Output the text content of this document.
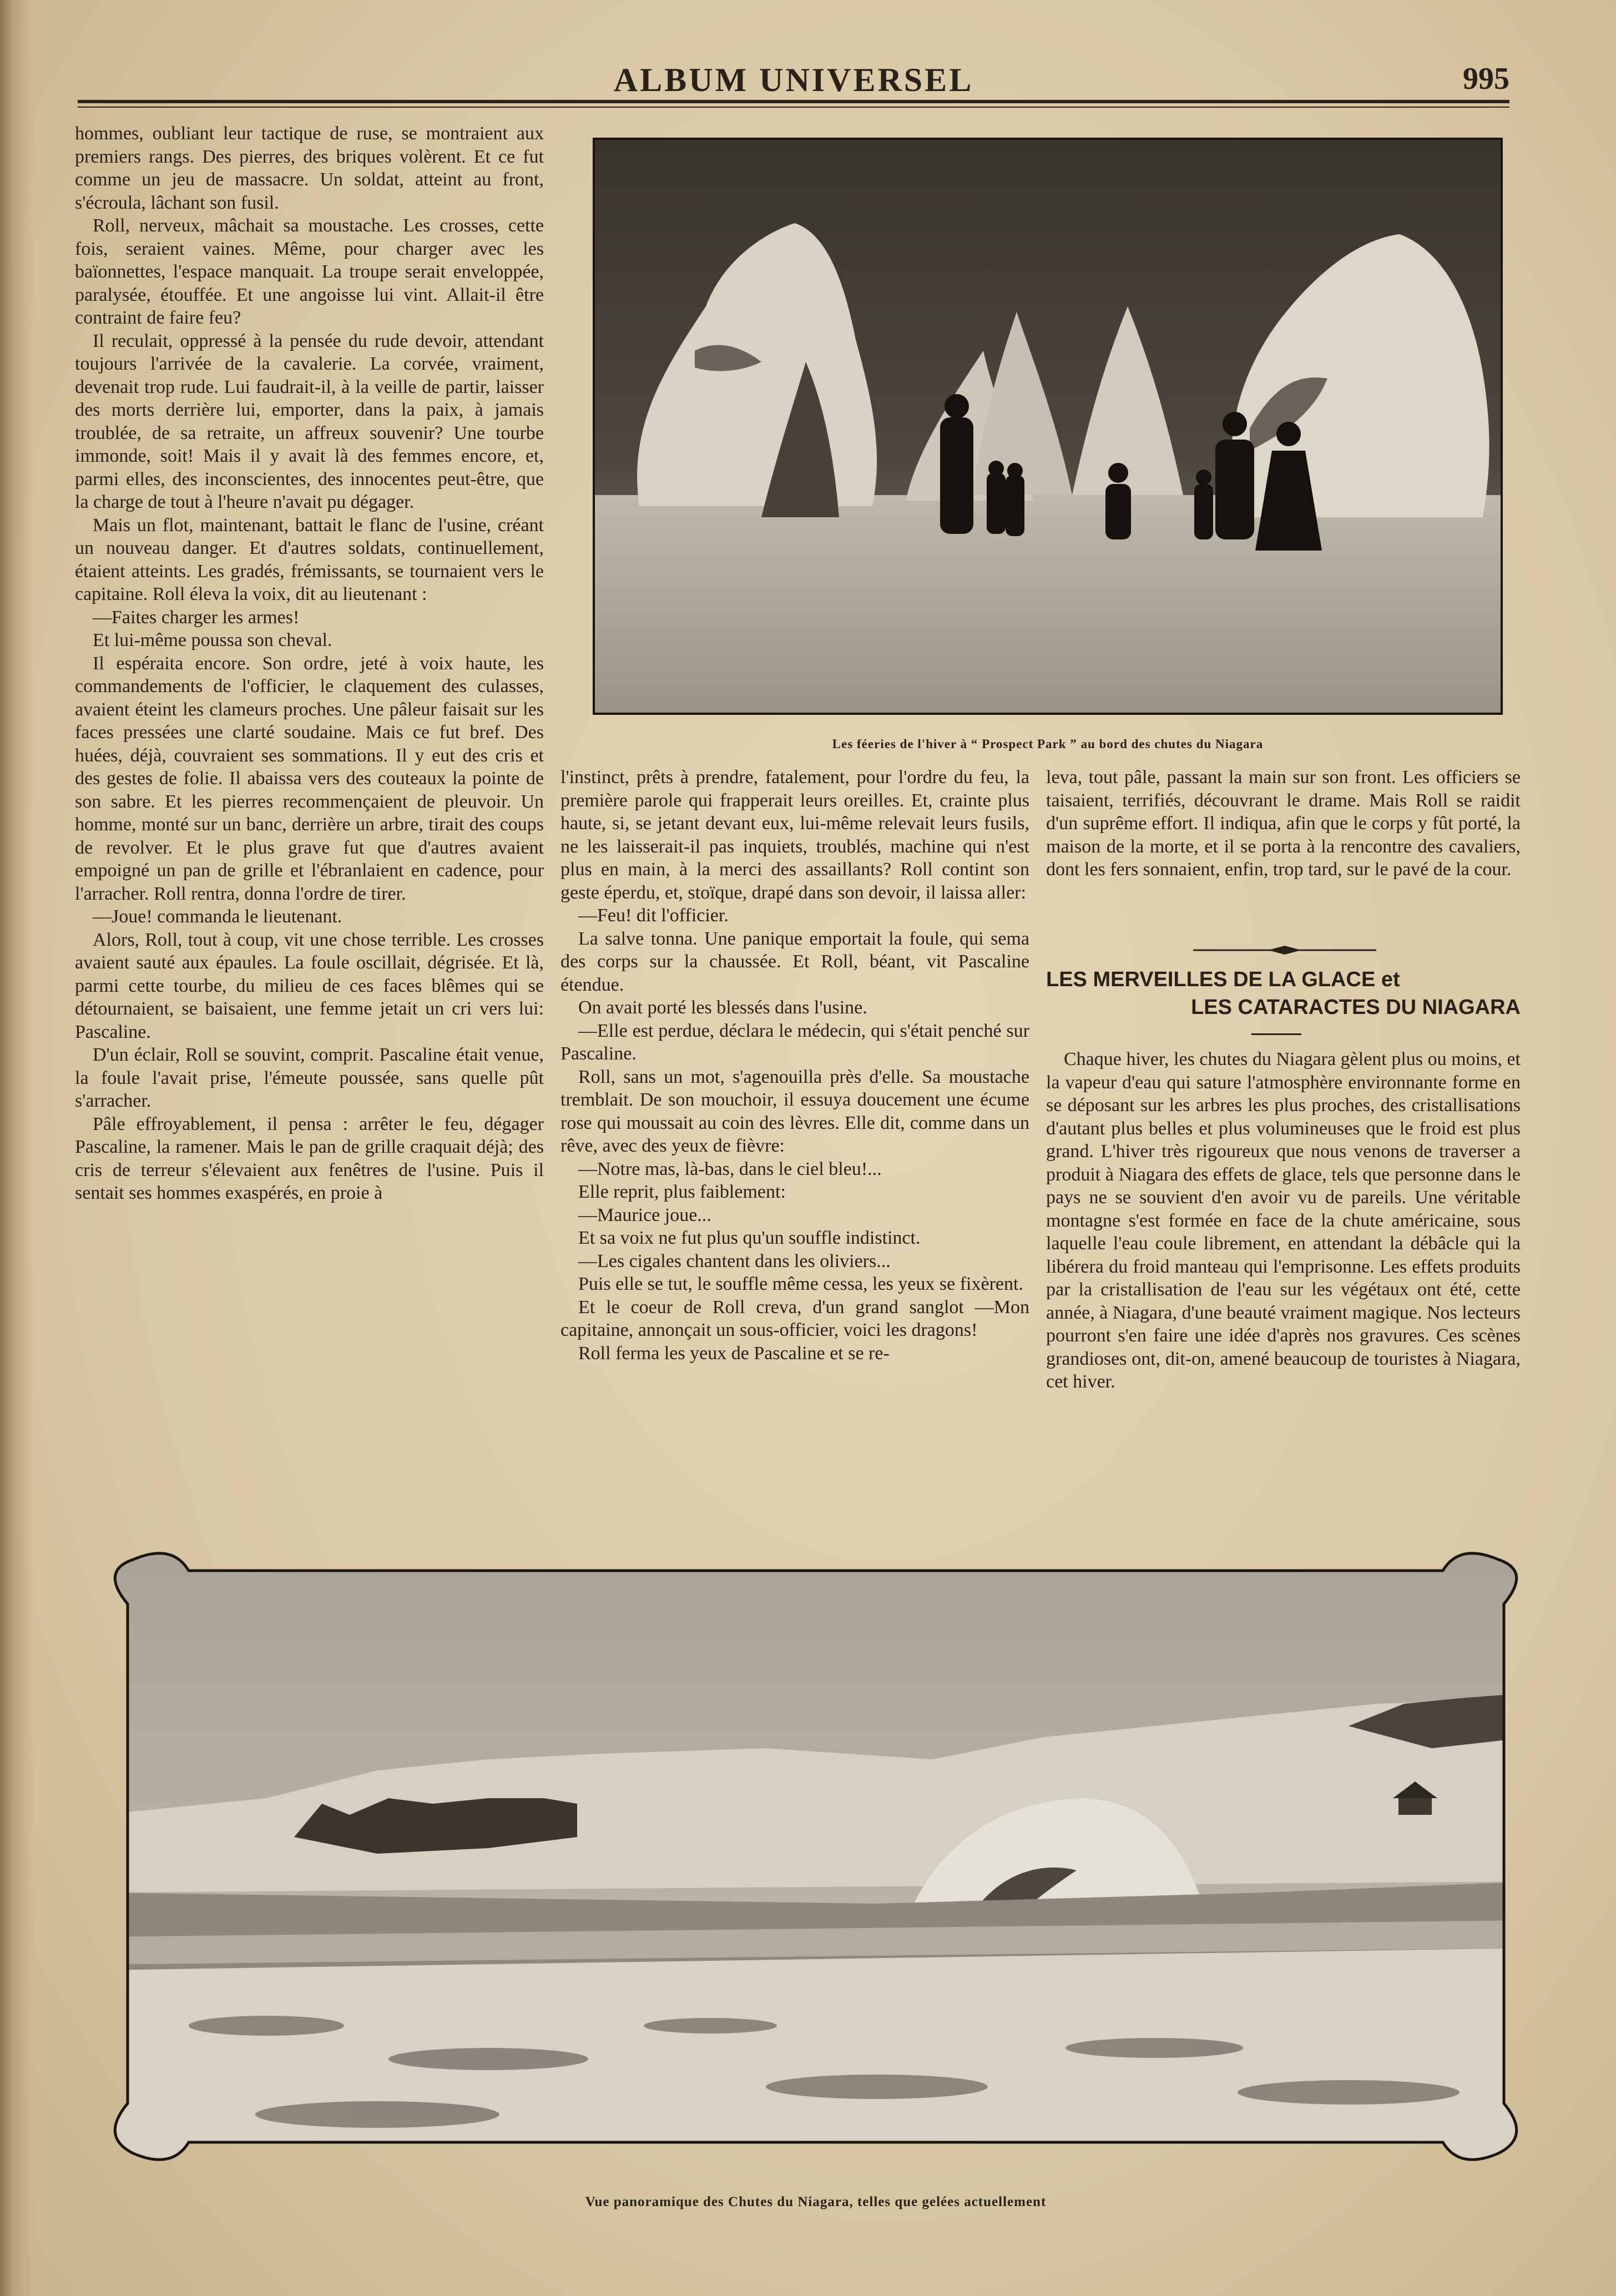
ALBUM UNIVERSEL	995

hommes, oubliant leur tactique de ruse, se montraient aux premiers rangs. Des pierres, des briques volèrent. Et ce fut comme un jeu de massacre. Un soldat, atteint au front, s'écroula, lâchant son fusil.

Roll, nerveux, mâchait sa moustache. Les crosses, cette fois, seraient vaines. Même, pour charger avec les baïonnettes, l'espace manquait. La troupe serait enveloppée, paralysée, étouffée. Et une angoisse lui vint. Allait-il être contraint de faire feu?

Il reculait, oppressé à la pensée du rude devoir, attendant toujours l'arrivée de la cavalerie. La corvée, vraiment, devenait trop rude. Lui faudrait-il, à la veille de partir, laisser des morts derrière lui, emporter, dans la paix, à jamais troublée, de sa retraite, un affreux souvenir? Une tourbe immonde, soit! Mais il y avait là des femmes encore, et, parmi elles, des inconscientes, des innocentes peut-être, que la charge de tout à l'heure n'avait pu dégager.

Mais un flot, maintenant, battait le flanc de l'usine, créant un nouveau danger. Et d'autres soldats, continuellement, étaient atteints. Les gradés, frémissants, se tournaient vers le capitaine. Roll éleva la voix, dit au lieutenant :

—Faites charger les armes!

Et lui-même poussa son cheval.

Il espéraita encore. Son ordre, jeté à voix haute, les commandements de l'officier, le claquement des culasses, avaient éteint les clameurs proches. Une pâleur faisait sur les faces pressées une clarté soudaine. Mais ce fut bref. Des huées, déjà, couvraient ses sommations. Il y eut des cris et des gestes de folie. Il abaissa vers des couteaux la pointe de son sabre. Et les pierres recommençaient de pleuvoir. Un homme, monté sur un banc, derrière un arbre, tirait des coups de revolver. Et le plus grave fut que d'autres avaient empoigné un pan de grille et l'ébranlaient en cadence, pour l'arracher. Roll rentra, donna l'ordre de tirer.

—Joue! commanda le lieutenant.

Alors, Roll, tout à coup, vit une chose terrible. Les crosses avaient sauté aux épaules. La foule oscillait, dégrisée. Et là, parmi cette tourbe, du milieu de ces faces blêmes qui se détournaient, se baisaient, une femme jetait un cri vers lui: Pascaline.

D'un éclair, Roll se souvint, comprit. Pascaline était venue, la foule l'avait prise, l'émeute poussée, sans quelle pût s'arracher.

Pâle effroyablement, il pensa : arrêter le feu, dégager Pascaline, la ramener. Mais le pan de grille craquait déjà; des cris de terreur s'élevaient aux fenêtres de l'usine. Puis il sentait ses hommes exaspérés, en proie à

Les féeries de l'hiver à “ Prospect Park ” au bord des chutes du Niagara

l'instinct, prêts à prendre, fatalement, pour l'ordre du feu, la première parole qui frapperait leurs oreilles. Et, crainte plus haute, si, se jetant devant eux, lui-même relevait leurs fusils, ne les laisserait-il pas inquiets, troublés, machine qui n'est plus en main, à la merci des assaillants? Roll contint son geste éperdu, et, stoïque, drapé dans son devoir, il laissa aller:

—Feu! dit l'officier.

La salve tonna. Une panique emportait la foule, qui sema des corps sur la chaussée. Et Roll, béant, vit Pascaline étendue.

On avait porté les blessés dans l'usine.

—Elle est perdue, déclara le médecin, qui s'était penché sur Pascaline.

Roll, sans un mot, s'agenouilla près d'elle. Sa moustache tremblait. De son mouchoir, il essuya doucement une écume rose qui moussait au coin des lèvres. Elle dit, comme dans un rêve, avec des yeux de fièvre:

—Notre mas, là-bas, dans le ciel bleu!...

Elle reprit, plus faiblement:

—Maurice joue...

Et sa voix ne fut plus qu'un souffle indistinct.

—Les cigales chantent dans les oliviers...

Puis elle se tut, le souffle même cessa, les yeux se fixèrent.

Et le coeur de Roll creva, d'un grand sanglot —Mon capitaine, annonçait un sous-officier, voici les dragons!

Roll ferma les yeux de Pascaline et se re-

leva, tout pâle, passant la main sur son front. Les officiers se taisaient, terrifiés, découvrant le drame. Mais Roll se raidit d'un suprême effort. Il indiqua, afin que le corps y fût porté, la maison de la morte, et il se porta à la rencontre des cavaliers, dont les fers sonnaient, enfin, trop tard, sur le pavé de la cour.

LES MERVEILLES DE LA GLACE et
LES CATARACTES DU NIAGARA

Chaque hiver, les chutes du Niagara gèlent plus ou moins, et la vapeur d'eau qui sature l'atmosphère environnante forme en se déposant sur les arbres les plus proches, des cristallisations d'autant plus belles et plus volumineuses que le froid est plus grand. L'hiver très rigoureux que nous venons de traverser a produit à Niagara des effets de glace, tels que personne dans le pays ne se souvient d'en avoir vu de pareils. Une véritable montagne s'est formée en face de la chute américaine, sous laquelle l'eau coule librement, en attendant la débâcle qui la libérera du froid manteau qui l'emprisonne. Les effets produits par la cristallisation de l'eau sur les végétaux ont été, cette année, à Niagara, d'une beauté vraiment magique. Nos lecteurs pourront s'en faire une idée d'après nos gravures. Ces scènes grandioses ont, dit-on, amené beaucoup de touristes à Niagara, cet hiver.

Vue panoramique des Chutes du Niagara, telles que gelées actuellement
